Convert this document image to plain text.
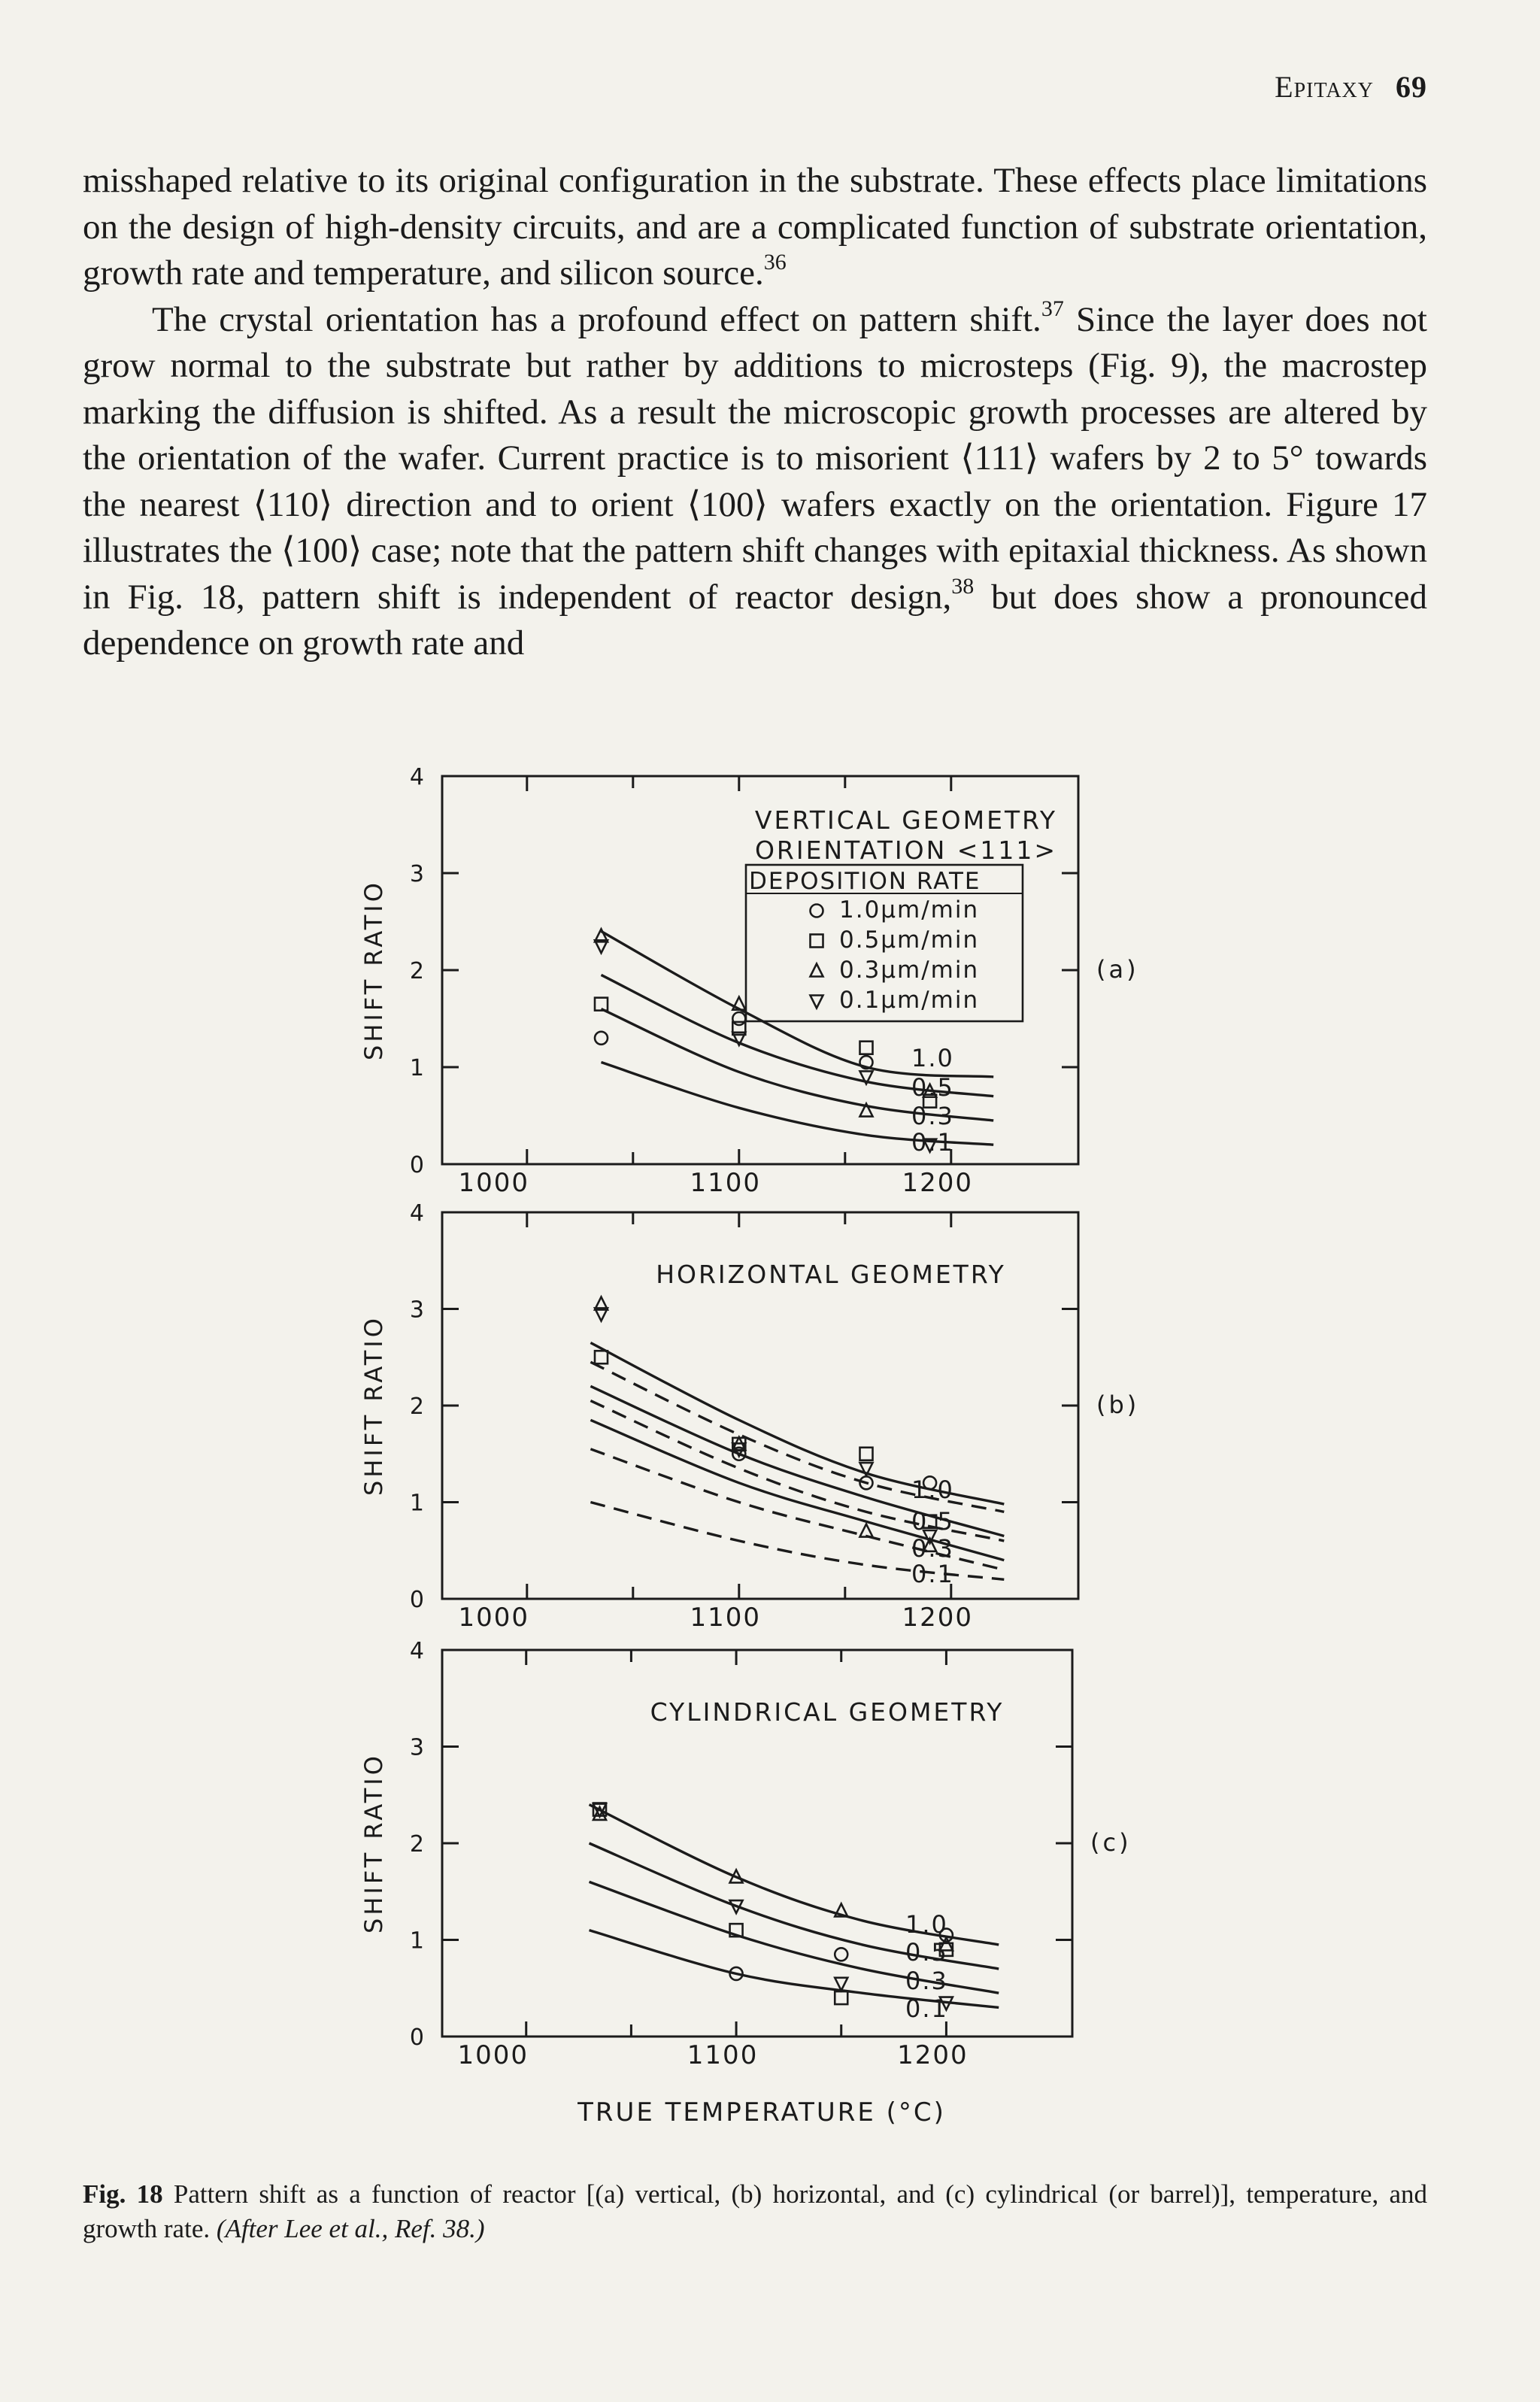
Epitaxy 69

misshaped relative to its original configuration in the substrate. These effects place limitations on the design of high-density circuits, and are a complicated function of substrate orientation, growth rate and temperature, and silicon source.$^{36}$

The crystal orientation has a profound effect on pattern shift.$^{37}$ Since the layer does not grow normal to the substrate but rather by additions to microsteps (Fig. 9), the macrostep marking the diffusion is shifted. As a result the microscopic growth processes are altered by the orientation of the wafer. Current practice is to misorient ⟨111⟩ wafers by 2 to 5° towards the nearest ⟨110⟩ direction and to orient ⟨100⟩ wafers exactly on the orientation. Figure 17 illustrates the ⟨100⟩ case; note that the pattern shift changes with epitaxial thickness. As shown in Fig. 18, pattern shift is independent of reactor design,$^{38}$ but does show a pronounced dependence on growth rate and

0
1
2
3
4
1000	1100	1200
SHIFT RATIO	(a)
VERTICAL GEOMETRY
ORIENTATION <111>
DEPOSITION RATE
1.0μm/min
0.5μm/min
0.3μm/min
0.1μm/min
1.0
0.5
0.3
0.1
0
1
2
3
4
1000	1100	1200
SHIFT RATIO	(b)
HORIZONTAL GEOMETRY
1.0
0 5
0.3
0.1
0
1
2
3
4
1000	1100	1200
SHIFT RATIO	(c)
CYLINDRICAL GEOMETRY
1.0
0.5
0.3
0.1
TRUE TEMPERATURE (°C)
Fig. 18 Pattern shift as a function of reactor [(a) vertical, (b) horizontal, and (c) cylindrical (or barrel)], temperature, and growth rate. (After Lee et al., Ref. 38.)
